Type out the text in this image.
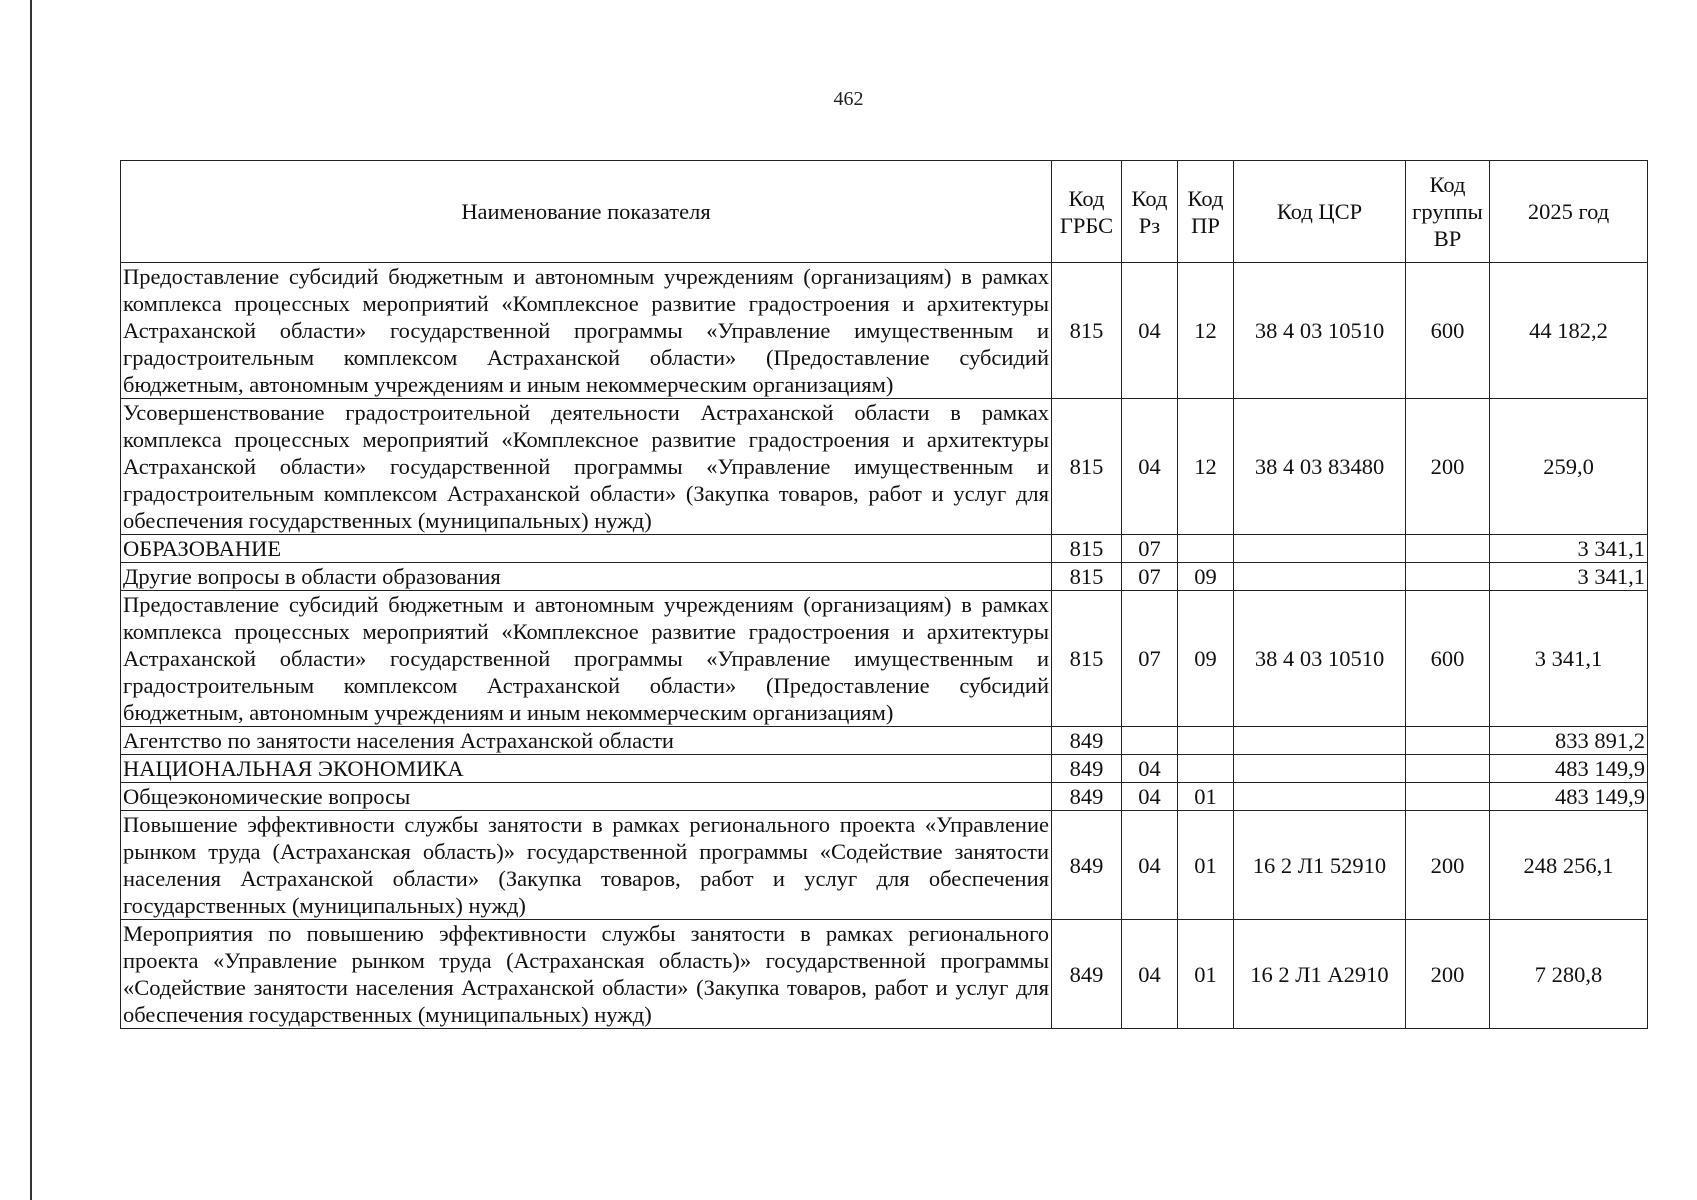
462
Наименование показателя	Код ГРБС	Код Рз	Код ПР	Код ЦСР	Код группы ВР	2025 год
Предоставление субсидий бюджетным и автономным учреждениям (организациям) в рамках комплекса процессных мероприятий «Комплексное развитие градостроения и архитектуры Астраханской области» государственной программы «Управление имущественным и градостроительным комплексом Астраханской области» (Предоставление субсидий бюджетным, автономным учреждениям и иным некоммерческим организациям)	815	04	12	38 4 03 10510	600	44 182,2
Усовершенствование градостроительной деятельности Астраханской области в рамках комплекса процессных мероприятий «Комплексное развитие градостроения и архитектуры Астраханской области» государственной программы «Управление имущественным и градостроительным комплексом Астраханской области» (Закупка товаров, работ и услуг для обеспечения государственных (муниципальных) нужд)	815	04	12	38 4 03 83480	200	259,0
ОБРАЗОВАНИЕ	815	07				3 341,1
Другие вопросы в области образования	815	07	09			3 341,1
Предоставление субсидий бюджетным и автономным учреждениям (организациям) в рамках комплекса процессных мероприятий «Комплексное развитие градостроения и архитектуры Астраханской области» государственной программы «Управление имущественным и градостроительным комплексом Астраханской области» (Предоставление субсидий бюджетным, автономным учреждениям и иным некоммерческим организациям)	815	07	09	38 4 03 10510	600	3 341,1
Агентство по занятости населения Астраханской области	849					833 891,2
НАЦИОНАЛЬНАЯ ЭКОНОМИКА	849	04				483 149,9
Общеэкономические вопросы	849	04	01			483 149,9
Повышение эффективности службы занятости в рамках регионального проекта «Управление рынком труда (Астраханская область)» государственной программы «Содействие занятости населения Астраханской области» (Закупка товаров, работ и услуг для обеспечения государственных (муниципальных) нужд)	849	04	01	16 2 Л1 52910	200	248 256,1
Мероприятия по повышению эффективности службы занятости в рамках регионального проекта «Управление рынком труда (Астраханская область)» государственной программы «Содействие занятости населения Астраханской области» (Закупка товаров, работ и услуг для обеспечения государственных (муниципальных) нужд)	849	04	01	16 2 Л1 A2910	200	7 280,8
